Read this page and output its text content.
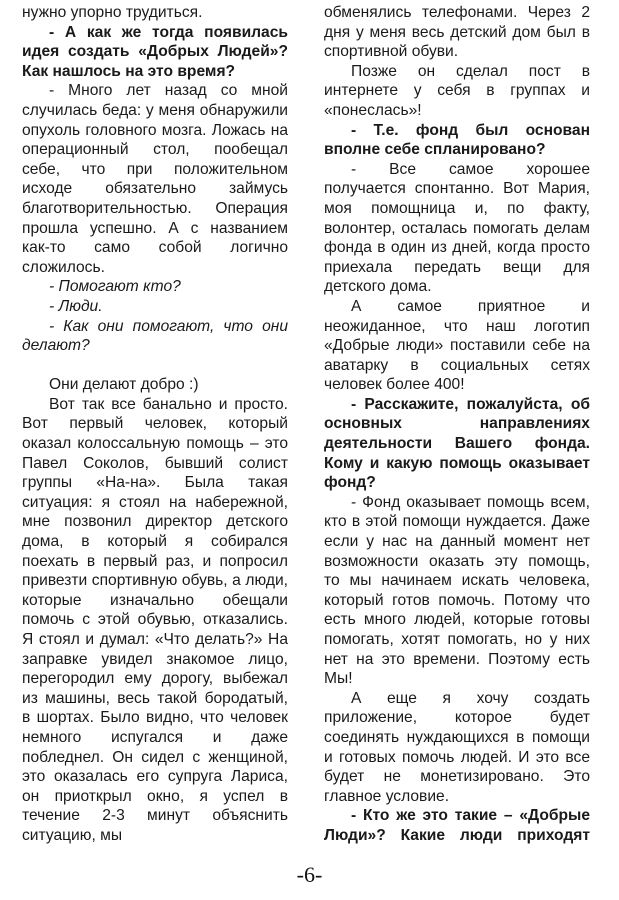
нужно упорно трудиться.

- А как же тогда появилась идея создать «Добрых Людей»? Как нашлось на это время?

- Много лет назад со мной случилась беда: у меня обнаружили опухоль головного мозга. Ложась на операционный стол, пообещал себе, что при положительном исходе обязательно займусь благотворительностью. Операция прошла успешно. А с названием как-то само собой логично сложилось.

- Помогают кто?

- Люди.

- Как они помогают, что они делают?

Они делают добро :)

Вот так все банально и просто. Вот первый человек, который оказал колоссальную помощь – это Павел Соколов, бывший солист группы «На-на». Была такая ситуация: я стоял на набережной, мне позвонил директор детского дома, в который я собирался поехать в первый раз, и попросил привезти спортивную обувь, а люди, которые изначально обещали помочь с этой обувью, отказались. Я стоял и думал: «Что делать?» На заправке увидел знакомое лицо, перегородил ему дорогу, выбежал из машины, весь такой бородатый, в шортах. Было видно, что человек немного испугался и даже побледнел. Он сидел с женщиной, это оказалась его супруга Лариса, он приоткрыл окно, я успел в течение 2-3 минут объяснить ситуацию, мы

обменялись телефонами. Через 2 дня у меня весь детский дом был в спортивной обуви.

Позже он сделал пост в интернете у себя в группах и «понеслась»!

- Т.е. фонд был основан вполне себе спланировано?

- Все самое хорошее получается спонтанно. Вот Мария, моя помощница и, по факту, волонтер, осталась помогать делам фонда в один из дней, когда просто приехала передать вещи для детского дома.

А самое приятное и неожиданное, что наш логотип «Добрые люди» поставили себе на аватарку в социальных сетях человек более 400!

- Расскажите, пожалуйста, об основных направлениях деятельности Вашего фонда. Кому и какую помощь оказывает фонд?

- Фонд оказывает помощь всем, кто в этой помощи нуждается. Даже если у нас на данный момент нет возможности оказать эту помощь, то мы начинаем искать человека, который готов помочь. Потому что есть много людей, которые готовы помогать, хотят помогать, но у них нет на это времени. Поэтому есть Мы!

А еще я хочу создать приложение, которое будет соединять нуждающихся в помощи и готовых помочь людей. И это все будет не монетизировано. Это главное условие.

- Кто же это такие – «Добрые Люди»? Какие люди приходят

-6-
